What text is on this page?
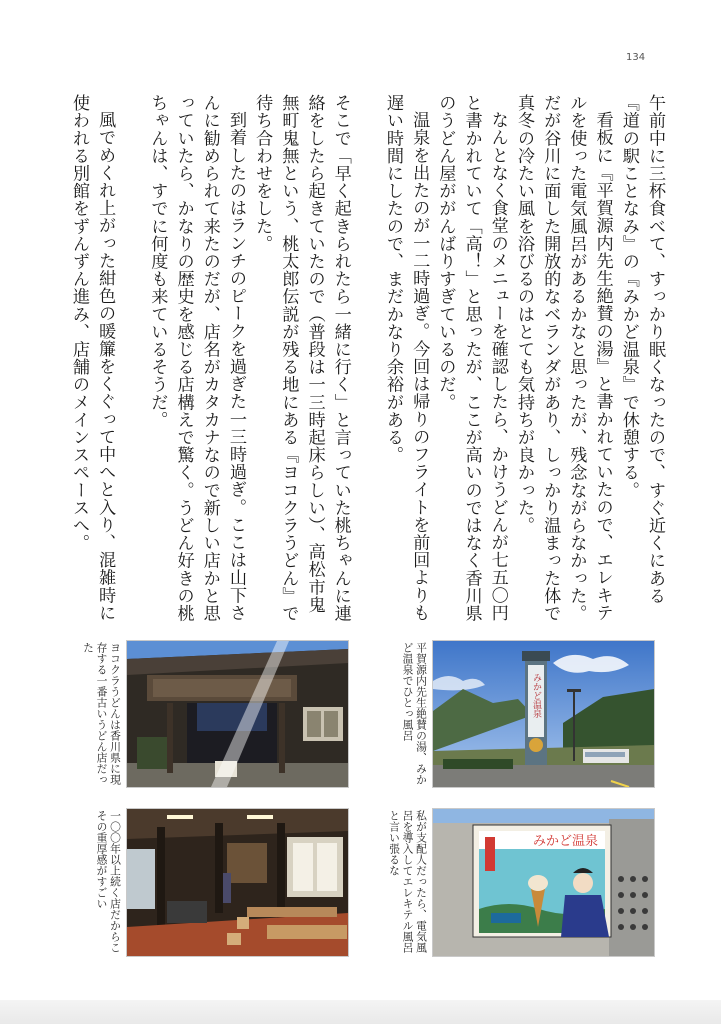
134

午前中に三杯食べて、すっかり眠くなったので、すぐ近くにある『道の駅ことなみ』の『みかど温泉』で休憩する。

看板に『平賀源内先生絶賛の湯』と書かれていたので、エレキテルを使った電気風呂があるかなと思ったが、残念ながらなかった。だが谷川に面した開放的なベランダがあり、しっかり温まった体で真冬の冷たい風を浴びるのはとても気持ちが良かった。

なんとなく食堂のメニューを確認したら、かけうどんが七五〇円と書かれていて「高！」と思ったが、ここが高いのではなく香川県のうどん屋ががんばりすぎているのだ。

温泉を出たのが一二時過ぎ。今回は帰りのフライトを前回よりも遅い時間にしたので、まだかなり余裕がある。

そこで「早く起きられたら一緒に行く」と言っていた桃ちゃんに連絡をしたら起きていたので（普段は一三時起床らしい）、高松市鬼無町鬼無という、桃太郎伝説が残る地にある『ヨコクラうどん』で待ち合わせをした。

到着したのはランチのピークを過ぎた一三時過ぎ。ここは山下さんに勧められて来たのだが、店名がカタカナなので新しい店かと思っていたら、かなりの歴史を感じる店構えで驚く。うどん好きの桃ちゃんは、すでに何度も来ているそうだ。

風でめくれ上がった紺色の暖簾をくぐって中へと入り、混雑時に使われる別館をずんずん進み、店舗のメインスペースへ。

みかど温泉
平賀源内先生絶賛の湯、みかど温泉でひとっ風呂
ヨコクラうどんは香川県に現存する一番古いうどん店だった
みかど温泉
私が支配人だったら、電気風呂を導入してエレキテル風呂と言い張るな
一〇〇年以上続く店だからこその重厚感がすごい
